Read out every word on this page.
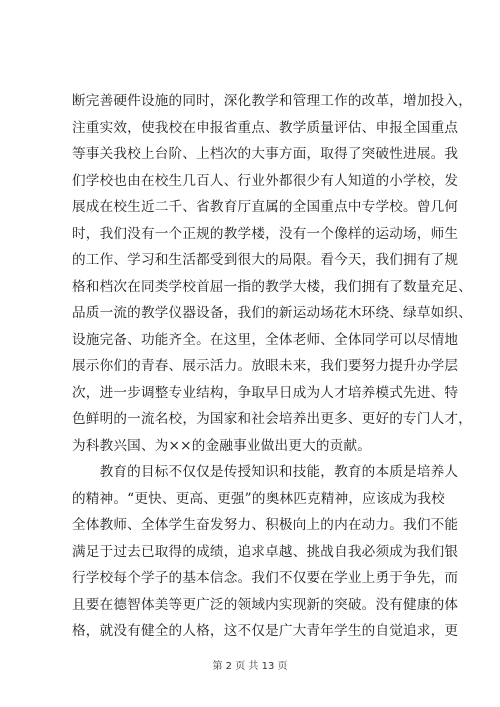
断完善硬件设施的同时，深化教学和管理工作的改革，增加投入，
注重实效，使我校在申报省重点、教学质量评估、申报全国重点
等事关我校上台阶、上档次的大事方面，取得了突破性进展。我
们学校也由在校生几百人、行业外都很少有人知道的小学校，发
展成在校生近二千、省教育厅直属的全国重点中专学校。曾几何
时，我们没有一个正规的教学楼，没有一个像样的运动场，师生
的工作、学习和生活都受到很大的局限。看今天，我们拥有了规
格和档次在同类学校首屈一指的教学大楼，我们拥有了数量充足、
品质一流的教学仪器设备，我们的新运动场花木环绕、绿草如织、
设施完备、功能齐全。在这里，全体老师、全体同学可以尽情地
展示你们的青春、展示活力。放眼未来，我们要努力提升办学层
次，进一步调整专业结构，争取早日成为人才培养模式先进、特
色鲜明的一流名校，为国家和社会培养出更多、更好的专门人才，
为科教兴国、为××的金融事业做出更大的贡献。
　　教育的目标不仅仅是传授知识和技能，教育的本质是培养人
的精神。“更快、更高、更强”的奥林匹克精神，应该成为我校
全体教师、全体学生奋发努力、积极向上的内在动力。我们不能
满足于过去已取得的成绩，追求卓越、挑战自我必须成为我们银
行学校每个学子的基本信念。我们不仅要在学业上勇于争先，而
且要在德智体美等更广泛的领域内实现新的突破。没有健康的体
格，就没有健全的人格，这不仅是广大青年学生的自觉追求，更
第 2 页 共 13 页
